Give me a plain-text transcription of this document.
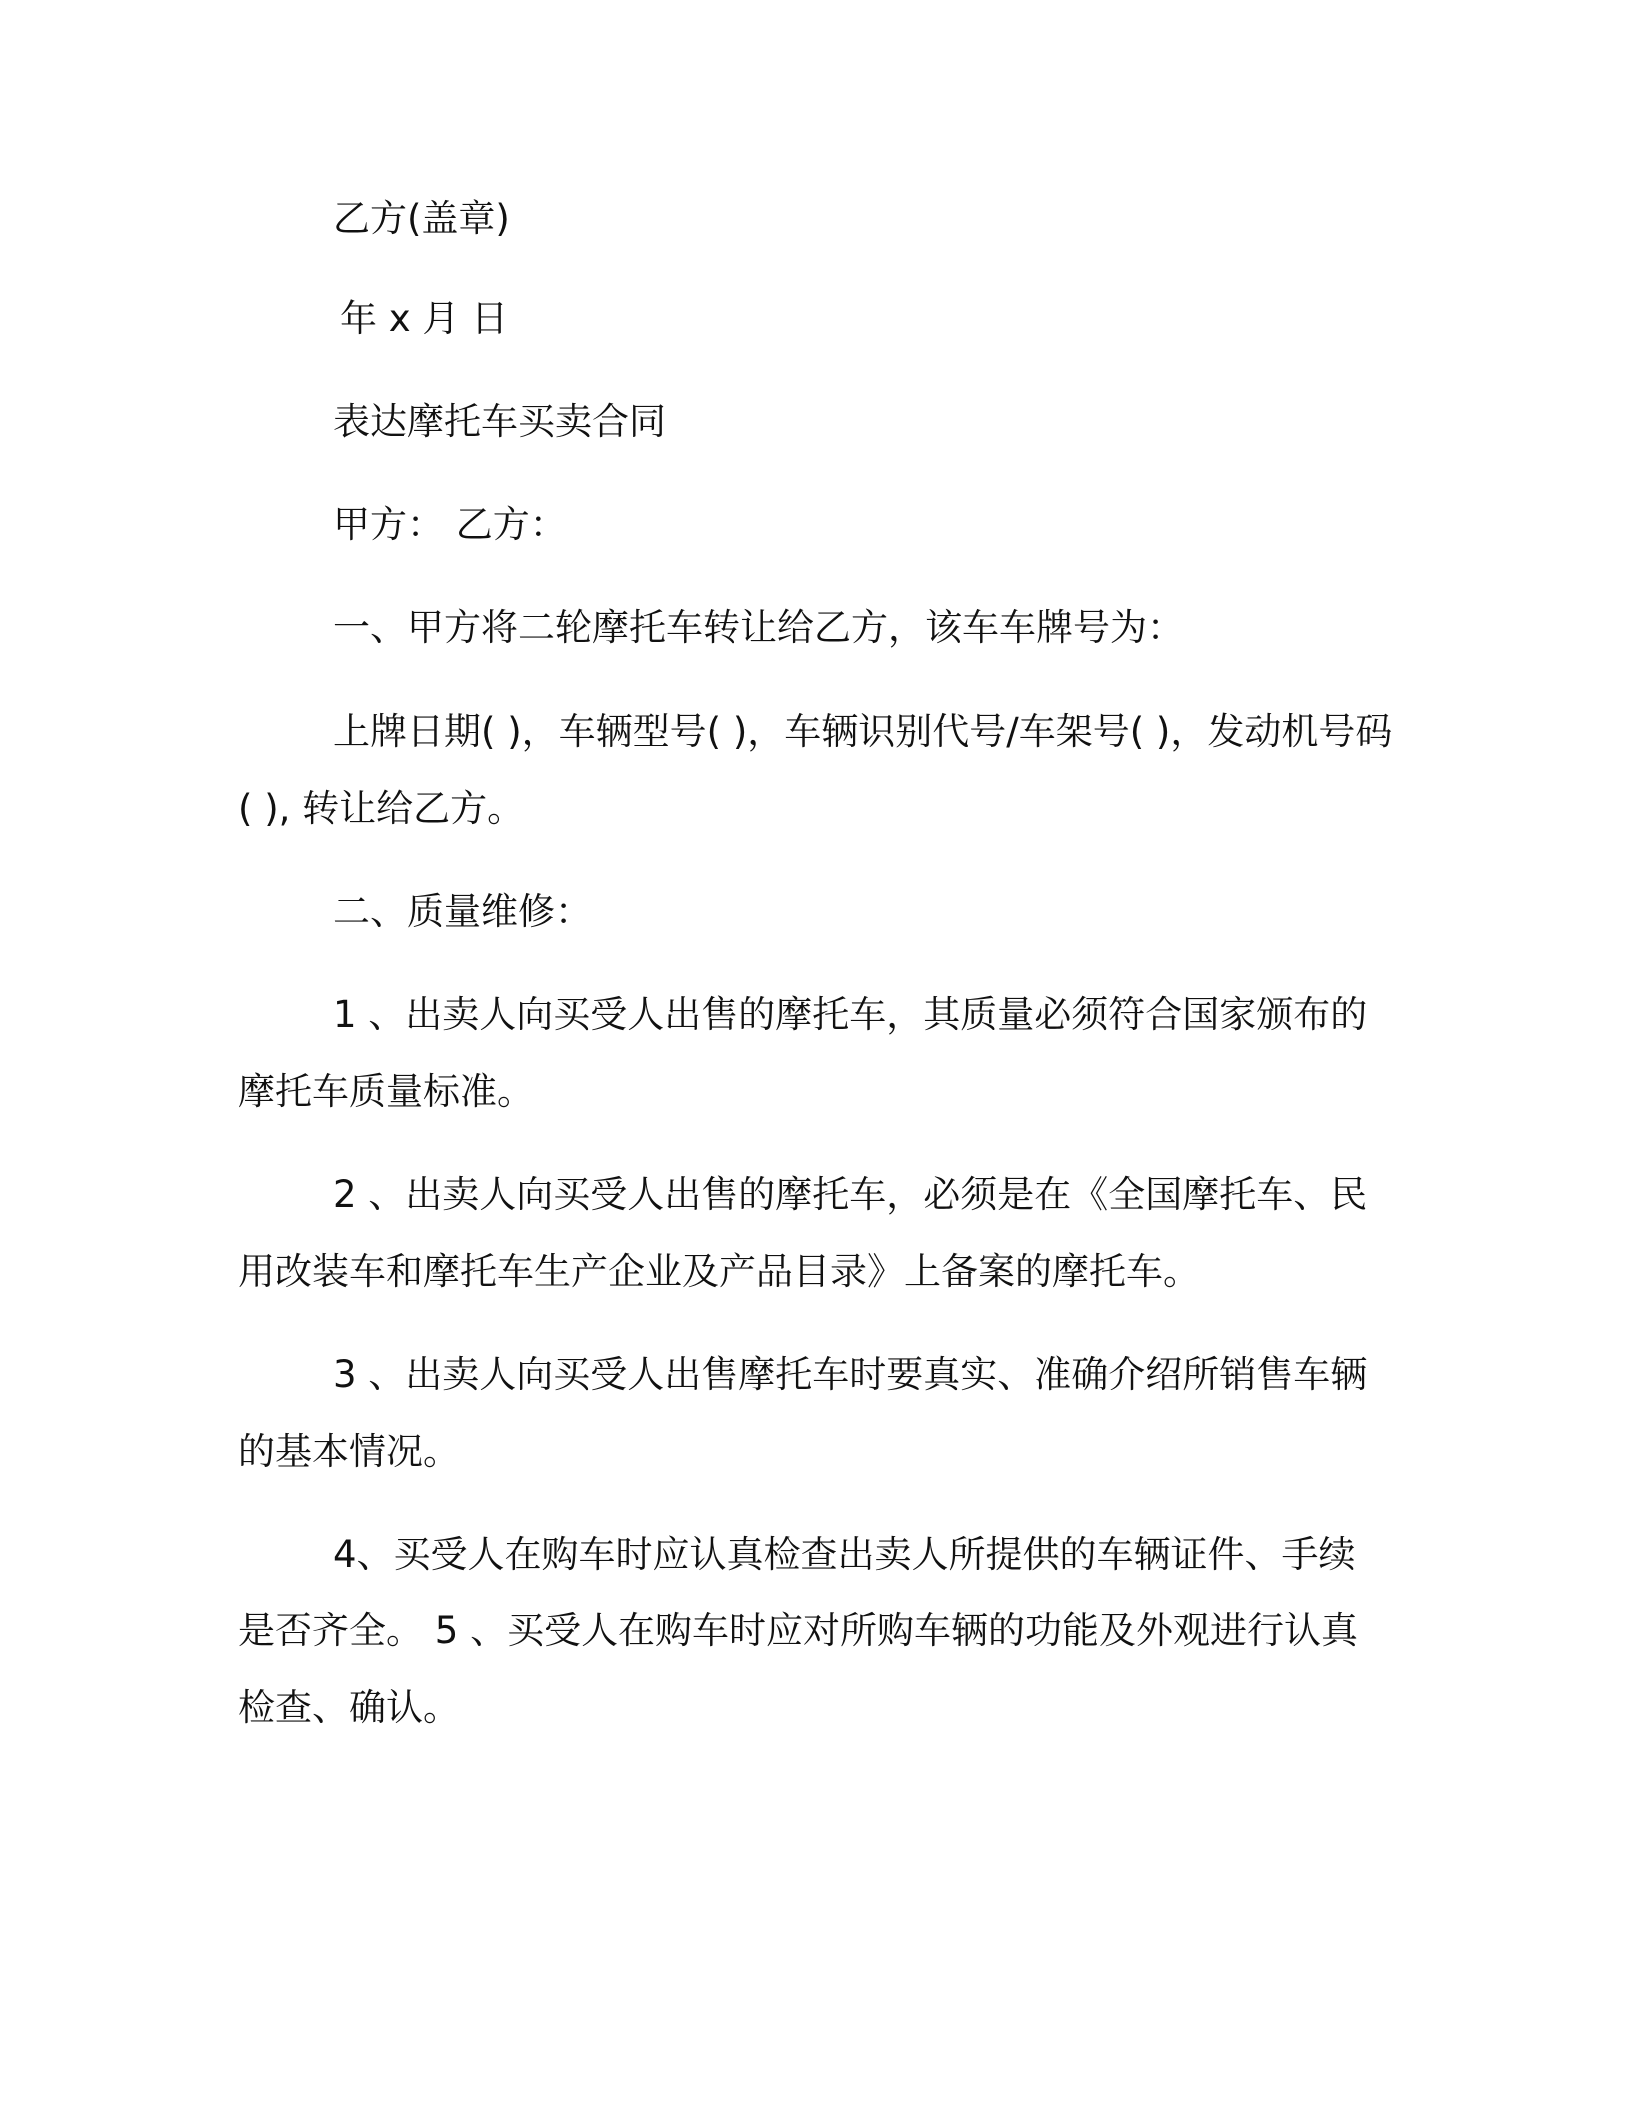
乙方(盖章)
年 x 月 日
表达摩托车买卖合同
甲方： 乙方：
一、甲方将二轮摩托车转让给乙方，该车车牌号为：
上牌日期( )，车辆型号( )，车辆识别代号/车架号( )，发动机号码
( ), 转让给乙方。
二、质量维修：
1 、出卖人向买受人出售的摩托车，其质量必须符合国家颁布的
摩托车质量标准。
2 、出卖人向买受人出售的摩托车，必须是在《全国摩托车、民
用改装车和摩托车生产企业及产品目录》上备案的摩托车。
3 、出卖人向买受人出售摩托车时要真实、准确介绍所销售车辆
的基本情况。
4、买受人在购车时应认真检查出卖人所提供的车辆证件、手续
是否齐全。 5 、买受人在购车时应对所购车辆的功能及外观进行认真
检查、确认。
